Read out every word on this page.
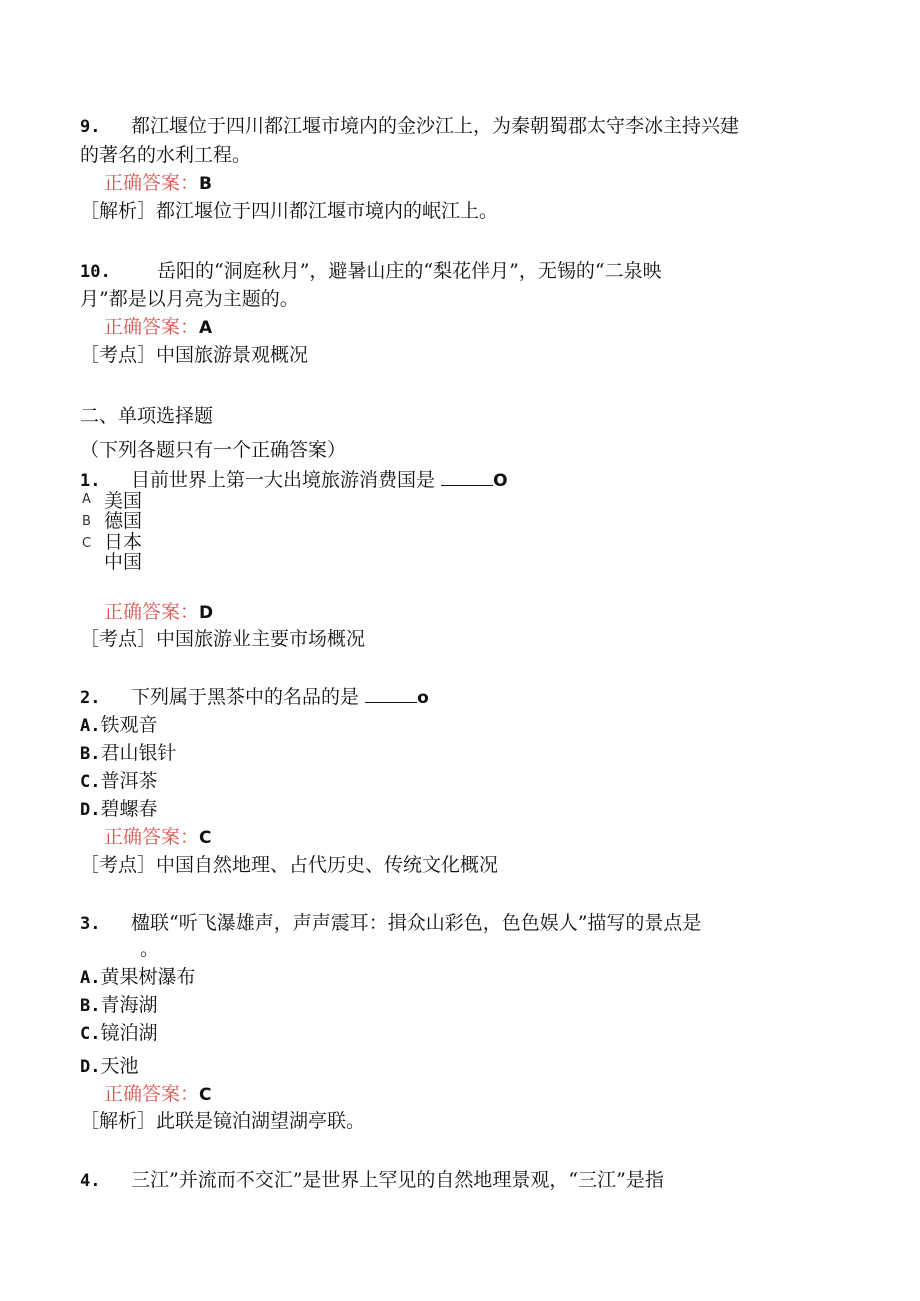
9. 都江堰位于四川都江堰市境内的金沙江上，为秦朝蜀郡太守李冰主持兴建
的著名的水利工程。
正确答案：B
［解析］都江堰位于四川都江堰市境内的岷江上。
10. 岳阳的“洞庭秋月”，避暑山庄的“梨花伴月”，无锡的“二泉映
月”都是以月亮为主题的。
正确答案：A
［考点］中国旅游景观概况
二、单项选择题
（下列各题只有一个正确答案）
1. 目前世界上第一大出境旅游消费国是	O
A
B
C
美国
德国
日本
中国
正确答案：D
［考点］中国旅游业主要市场概况
2. 下列属于黑茶中的名品的是	o
A.铁观音
B.君山银针
C.普洱茶
D.碧螺春
正确答案：C
［考点］中国自然地理、占代历史、传统文化概况
3. 楹联“听飞瀑雄声，声声震耳：揖众山彩色，色色娱人”描写的景点是
。
A.黄果树瀑布
B.青海湖
C.镜泊湖
D.天池
正确答案：C
［解析］此联是镜泊湖望湖亭联。
4. 三江”并流而不交汇”是世界上罕见的自然地理景观，“三江”是指
